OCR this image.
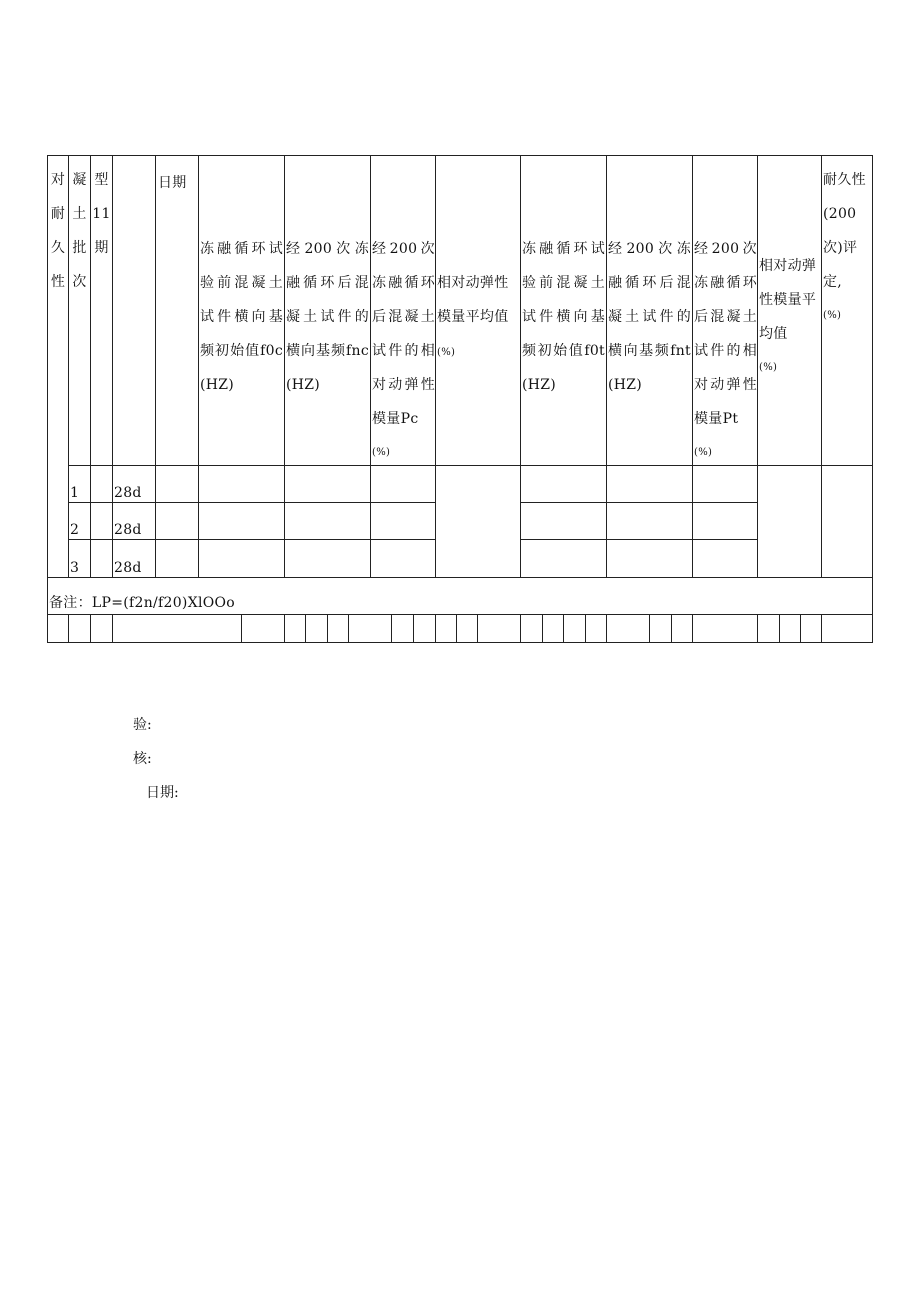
对耐久性
凝土批次
型11期
日期
冻融循环试验前混凝土试件横向基频初始值f0c(HZ)
经200次冻融循环后混凝土试件的横向基频fnc(HZ)
经200次冻融循环后混凝土试件的相对动弹性模量Pc
(%)
相对动弹性模量平均值(%)
冻融循环试验前混凝土试件横向基频初始值f0t(HZ)
经200次冻融循环后混凝土试件的横向基频fnt(HZ)
经200次冻融循环后混凝土试件的相对动弹性模量Pt
(%)
相对动弹性模量平均值
(%)
耐久性(200次)评定,
(%)
1 28d
2 28d
3 28d
备注：LP=(f2n/f20)XlOOo
验:
核:
日期:
